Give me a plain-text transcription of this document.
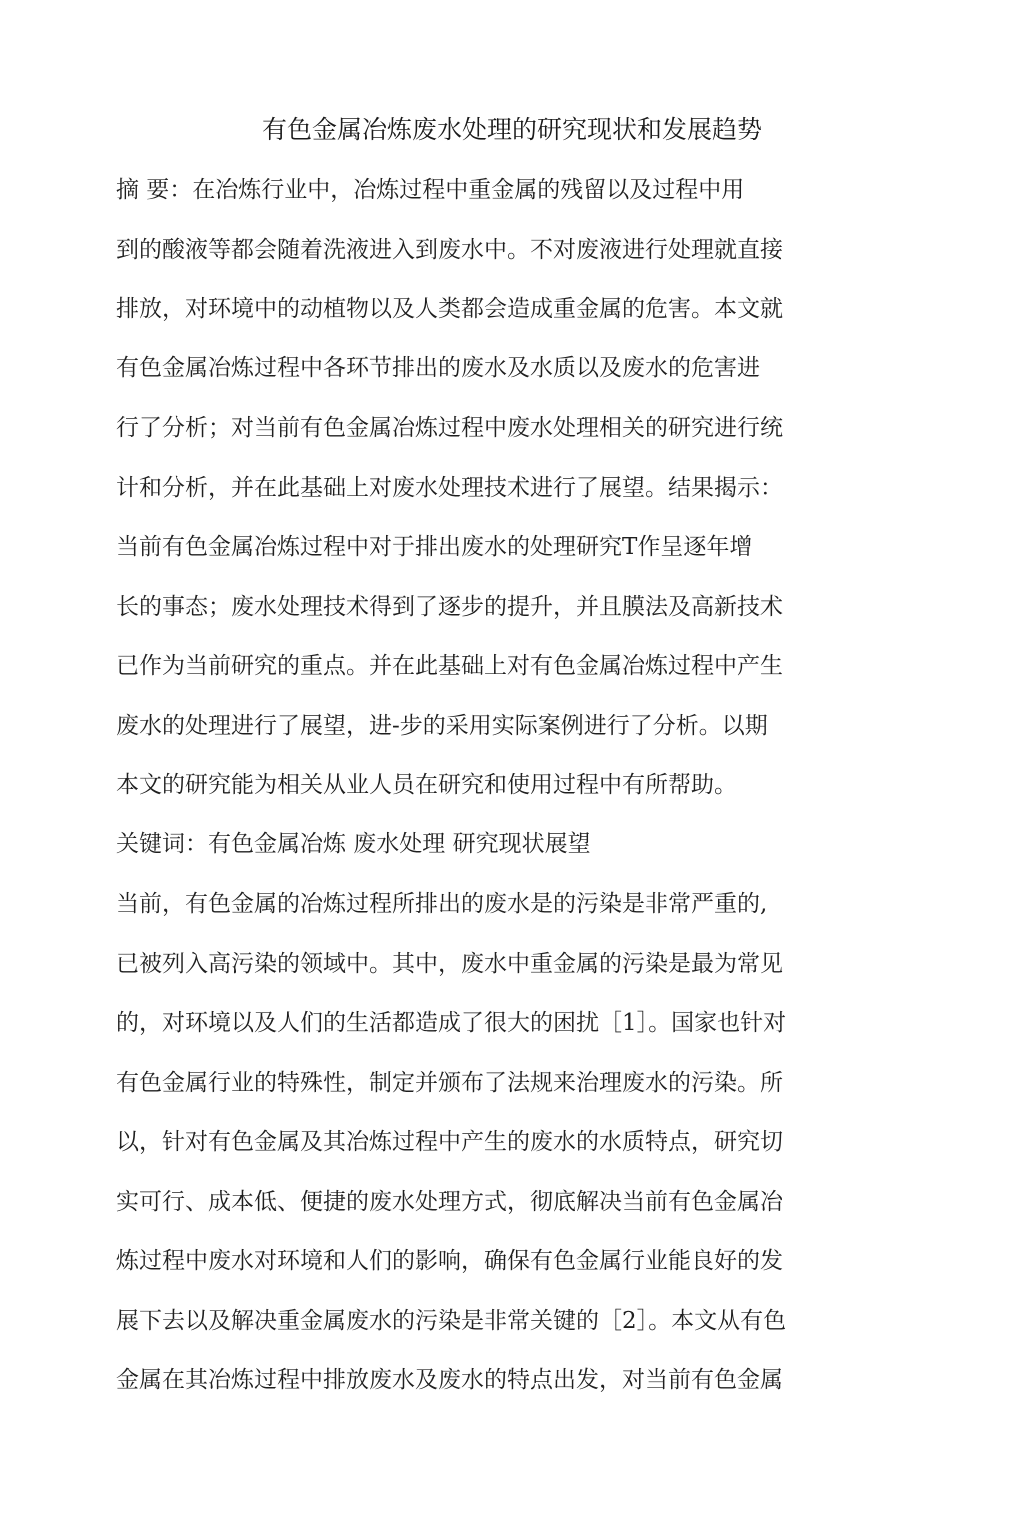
有色金属冶炼废水处理的研究现状和发展趋势
摘 要：在冶炼行业中，冶炼过程中重金属的残留以及过程中用
到的酸液等都会随着洗液进入到废水中。不对废液进行处理就直接
排放，对环境中的动植物以及人类都会造成重金属的危害。本文就
有色金属冶炼过程中各环节排出的废水及水质以及废水的危害进
行了分析；对当前有色金属冶炼过程中废水处理相关的研究进行统
计和分析，并在此基础上对废水处理技术进行了展望。结果揭示：
当前有色金属冶炼过程中对于排出废水的处理研究T作呈逐年增
长的事态；废水处理技术得到了逐步的提升，并且膜法及高新技术
已作为当前研究的重点。并在此基础上对有色金属冶炼过程中产生
废水的处理进行了展望，进-步的采用实际案例进行了分析。以期
本文的研究能为相关从业人员在研究和使用过程中有所帮助。
关键词：有色金属冶炼 废水处理 研究现状展望
当前，有色金属的冶炼过程所排出的废水是的污染是非常严重的,
已被列入高污染的领域中。其中，废水中重金属的污染是最为常见
的，对环境以及人们的生活都造成了很大的困扰［1］。国家也针对
有色金属行业的特殊性，制定并颁布了法规来治理废水的污染。所
以，针对有色金属及其冶炼过程中产生的废水的水质特点，研究切
实可行、成本低、便捷的废水处理方式，彻底解决当前有色金属冶
炼过程中废水对环境和人们的影响，确保有色金属行业能良好的发
展下去以及解决重金属废水的污染是非常关键的［2］。本文从有色
金属在其冶炼过程中排放废水及废水的特点出发，对当前有色金属
